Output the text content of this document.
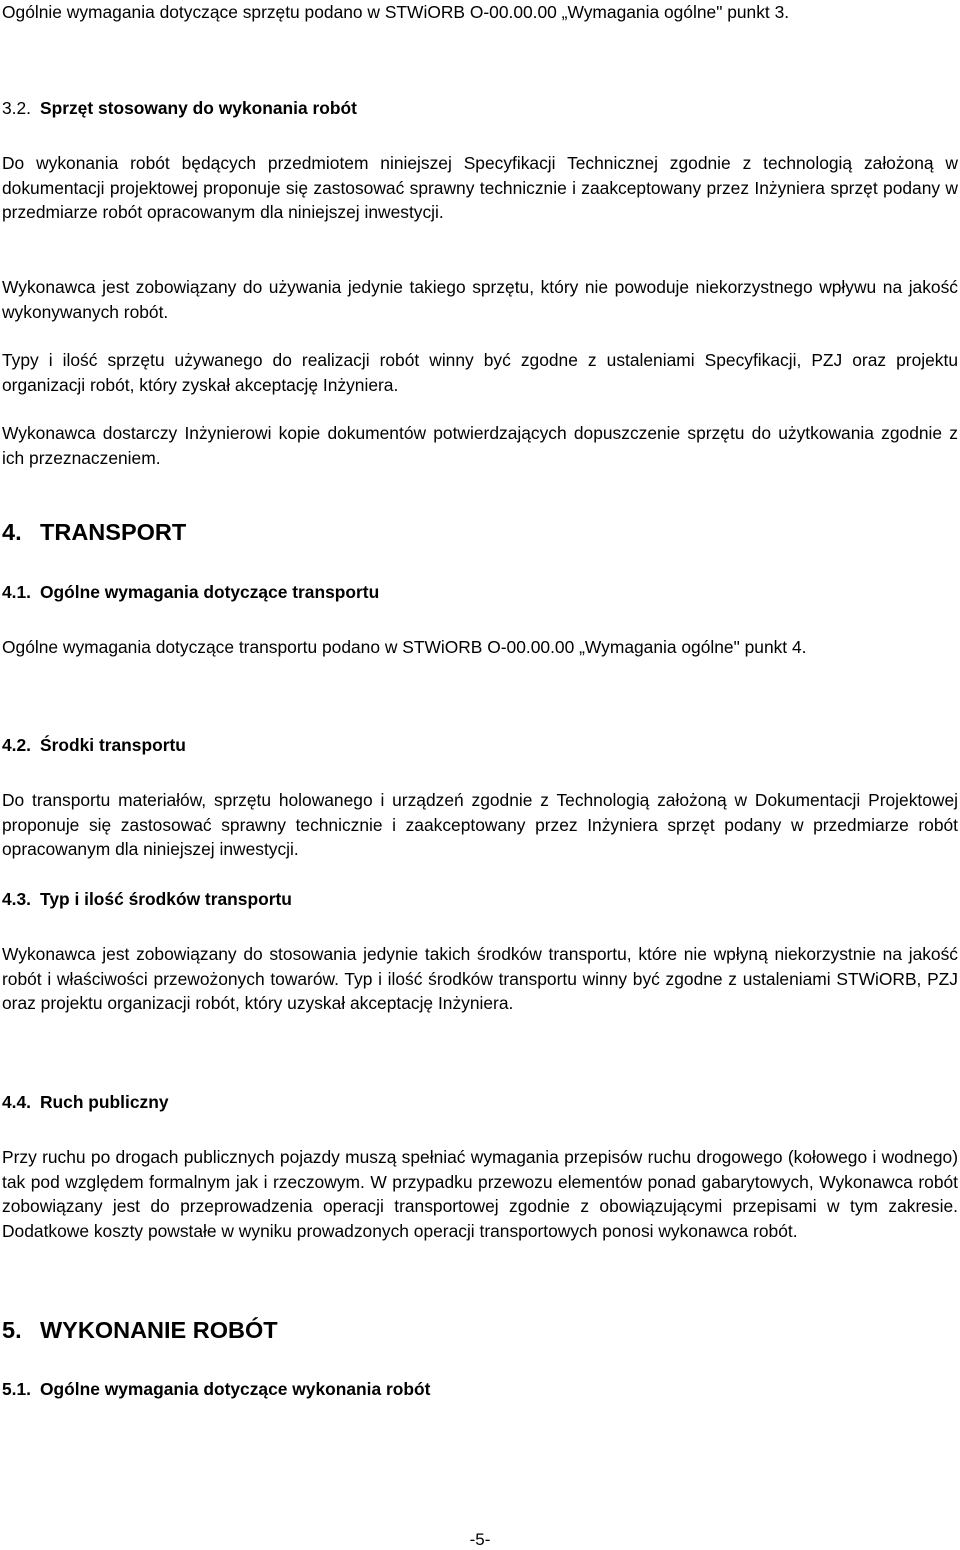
Ogólnie wymagania dotyczące sprzętu podano w STWiORB O-00.00.00 „Wymagania ogólne" punkt 3.

3.2. Sprzęt stosowany do wykonania robót

Do wykonania robót będących przedmiotem niniejszej Specyfikacji Technicznej zgodnie z technologią założoną w dokumentacji projektowej proponuje się zastosować sprawny technicznie i zaakceptowany przez Inżyniera sprzęt podany w przedmiarze robót opracowanym dla niniejszej inwestycji.

Wykonawca jest zobowiązany do używania jedynie takiego sprzętu, który nie powoduje niekorzystnego wpływu na jakość wykonywanych robót.

Typy i ilość sprzętu używanego do realizacji robót winny być zgodne z ustaleniami Specyfikacji, PZJ oraz projektu organizacji robót, który zyskał akceptację Inżyniera.

Wykonawca dostarczy Inżynierowi kopie dokumentów potwierdzających dopuszczenie sprzętu do użytkowania zgodnie z ich przeznaczeniem.

4. TRANSPORT
4.1. Ogólne wymagania dotyczące transportu

Ogólne wymagania dotyczące transportu podano w STWiORB O-00.00.00 „Wymagania ogólne" punkt 4.

4.2. Środki transportu

Do transportu materiałów, sprzętu holowanego i urządzeń zgodnie z Technologią założoną w Dokumentacji Projektowej proponuje się zastosować sprawny technicznie i zaakceptowany przez Inżyniera sprzęt podany w przedmiarze robót opracowanym dla niniejszej inwestycji.

4.3. Typ i ilość środków transportu

Wykonawca jest zobowiązany do stosowania jedynie takich środków transportu, które nie wpłyną niekorzystnie na jakość robót i właściwości przewożonych towarów. Typ i ilość środków transportu winny być zgodne z ustaleniami STWiORB, PZJ oraz projektu organizacji robót, który uzyskał akceptację Inżyniera.

4.4. Ruch publiczny

Przy ruchu po drogach publicznych pojazdy muszą spełniać wymagania przepisów ruchu drogowego (kołowego i wodnego) tak pod względem formalnym jak i rzeczowym. W przypadku przewozu elementów ponad gabarytowych, Wykonawca robót zobowiązany jest do przeprowadzenia operacji transportowej zgodnie z obowiązującymi przepisami w tym zakresie. Dodatkowe koszty powstałe w wyniku prowadzonych operacji transportowych ponosi wykonawca robót.

5. WYKONANIE ROBÓT
5.1. Ogólne wymagania dotyczące wykonania robót
-5-
